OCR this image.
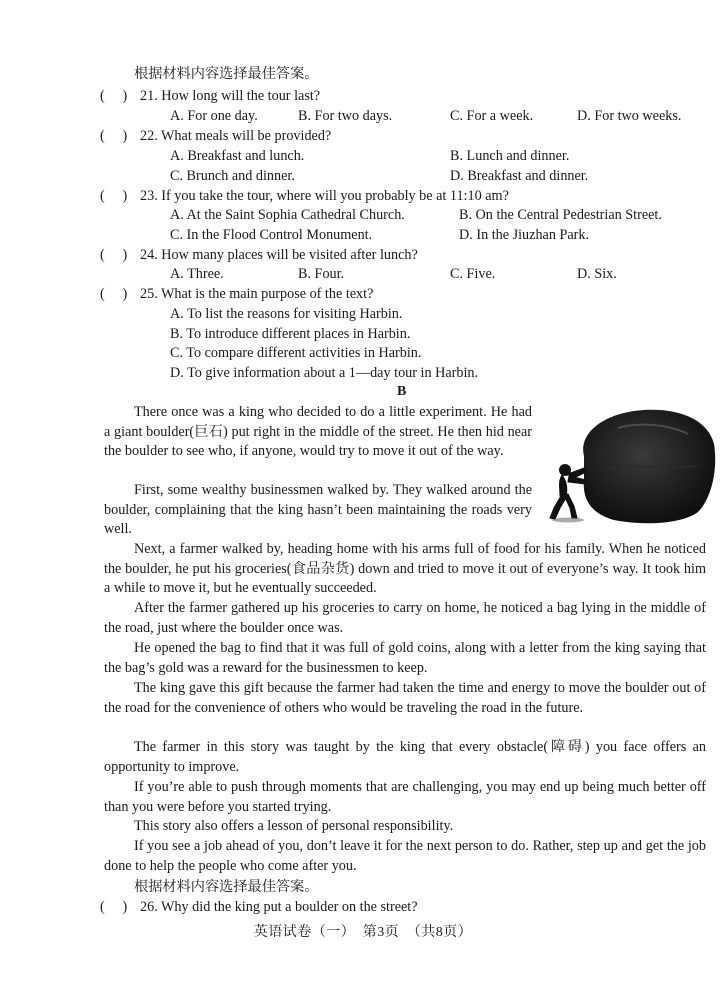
根据材料内容选择最佳答案。
(     ) 21. How long will the tour last?
A. For one day.	B. For two days.	C. For a week.	D. For two weeks.
(     ) 22. What meals will be provided?
A. Breakfast and lunch.	B. Lunch and dinner.
C. Brunch and dinner.	D. Breakfast and dinner.
(     ) 23. If you take the tour, where will you probably be at 11:10 am?
A. At the Saint Sophia Cathedral Church.	B. On the Central Pedestrian Street.
C. In the Flood Control Monument.	D. In the Jiuzhan Park.
(     ) 24. How many places will be visited after lunch?
A. Three.	B. Four.	C. Five.	D. Six.
(     ) 25. What is the main purpose of the text?
A. To list the reasons for visiting Harbin.
B. To introduce different places in Harbin.
C. To compare different activities in Harbin.
D. To give information about a 1—day tour in Harbin.
B
There once was a king who decided to do a little experiment. He had a giant boulder(巨石) put right in the middle of the street. He then hid near the boulder to see who, if anyone, would try to move it out of the way.
First, some wealthy businessmen walked by. They walked around the boulder, complaining that the king hasn’t been maintaining the roads very well.
Next, a farmer walked by, heading home with his arms full of food for his family. When he noticed the boulder, he put his groceries(食品杂货) down and tried to move it out of everyone’s way. It took him a while to move it, but he eventually succeeded.
After the farmer gathered up his groceries to carry on home, he noticed a bag lying in the middle of the road, just where the boulder once was.
He opened the bag to find that it was full of gold coins, along with a letter from the king saying that the bag’s gold was a reward for the businessmen to keep.
The king gave this gift because the farmer had taken the time and energy to move the boulder out of the road for the convenience of others who would be traveling the road in the future.
The farmer in this story was taught by the king that every obstacle(障碍) you face offers an opportunity to improve.
If you’re able to push through moments that are challenging, you may end up being much better off than you were before you started trying.
This story also offers a lesson of personal responsibility.
If you see a job ahead of you, don’t leave it for the next person to do. Rather, step up and get the job done to help the people who come after you.
根据材料内容选择最佳答案。
(     ) 26. Why did the king put a boulder on the street?
英语试卷（一）　第3页　（共8页）
